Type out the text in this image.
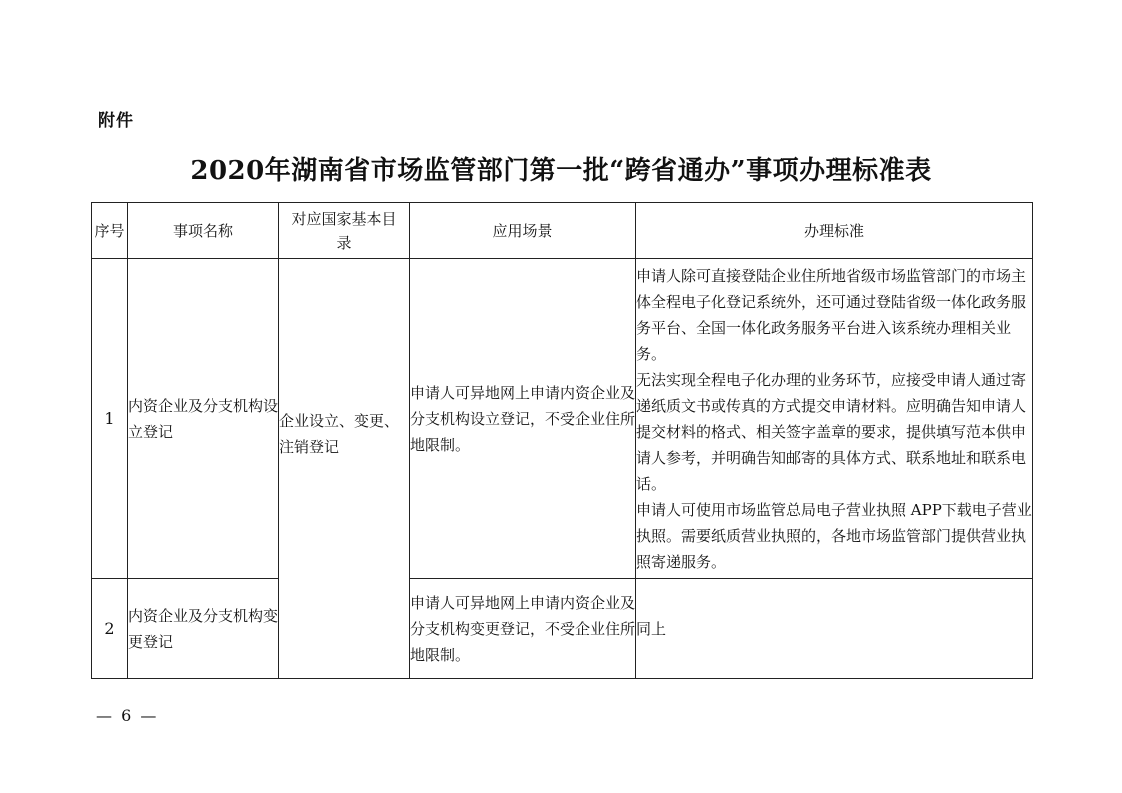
附件
2020年湖南省市场监管部门第一批“跨省通办”事项办理标准表
序号	事项名称	对应国家基本目录	应用场景	办理标准
1	内资企业及分支机构设立登记	企业设立、变更、注销登记	申请人可异地网上申请内资企业及分支机构设立登记，不受企业住所地限制。	申请人除可直接登陆企业住所地省级市场监管部门的市场主体全程电子化登记系统外，还可通过登陆省级一体化政务服务平台、全国一体化政务服务平台进入该系统办理相关业务。
无法实现全程电子化办理的业务环节，应接受申请人通过寄递纸质文书或传真的方式提交申请材料。应明确告知申请人提交材料的格式、相关签字盖章的要求，提供填写范本供申请人参考，并明确告知邮寄的具体方式、联系地址和联系电话。
申请人可使用市场监管总局电子营业执照 APP下载电子营业执照。需要纸质营业执照的，各地市场监管部门提供营业执照寄递服务。

2	内资企业及分支机构变更登记		申请人可异地网上申请内资企业及分支机构变更登记，不受企业住所地限制。	同上
— 6 —
